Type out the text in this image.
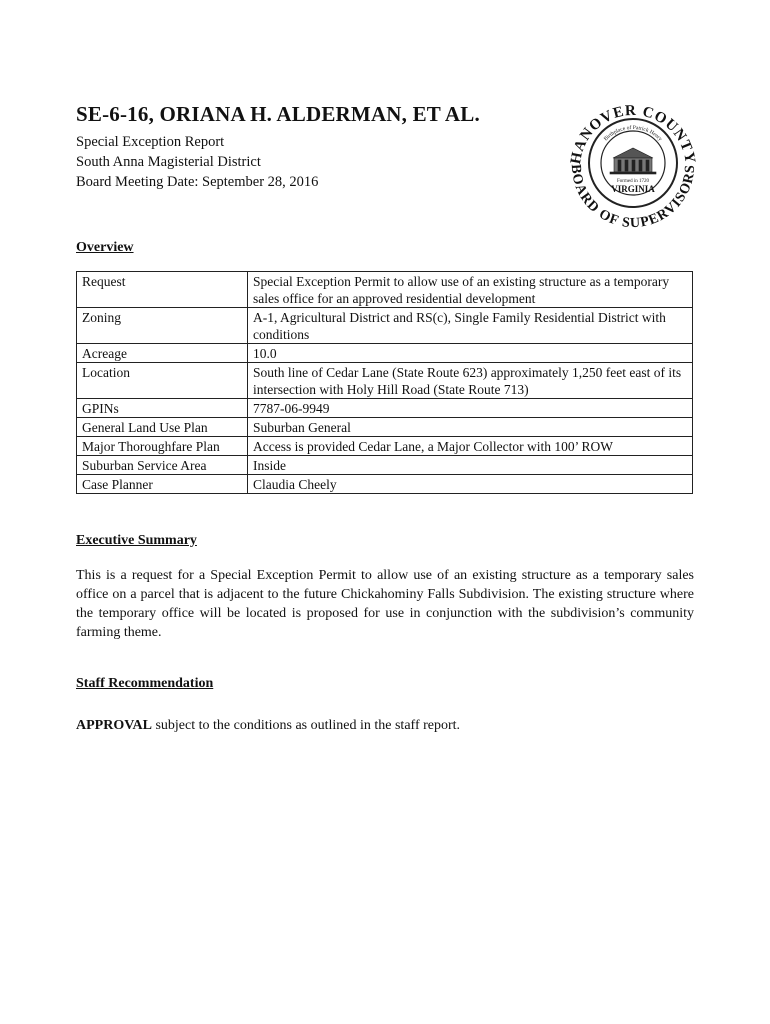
SE-6-16, ORIANA H. ALDERMAN, ET AL.
Special Exception Report
South Anna Magisterial District
Board Meeting Date: September 28, 2016
HANOVER COUNTY
BOARD OF SUPERVISORS
Birthplace of Patrick Henry
Formed in 1720
VIRGINIA
Overview
Request	Special Exception Permit to allow use of an existing structure as a temporary sales office for an approved residential development
Zoning	A-1, Agricultural District and RS(c), Single Family Residential District with conditions
Acreage	10.0
Location	South line of Cedar Lane (State Route 623) approximately 1,250 feet east of its intersection with Holy Hill Road (State Route 713)
GPINs	7787-06-9949
General Land Use Plan	Suburban General
Major Thoroughfare Plan	Access is provided Cedar Lane, a Major Collector with 100’ ROW
Suburban Service Area	Inside
Case Planner	Claudia Cheely
Executive Summary

This is a request for a Special Exception Permit to allow use of an existing structure as a temporary sales office on a parcel that is adjacent to the future Chickahominy Falls Subdivision. The existing structure where the temporary office will be located is proposed for use in conjunction with the subdivision’s community farming theme.

Staff Recommendation

APPROVAL subject to the conditions as outlined in the staff report.
